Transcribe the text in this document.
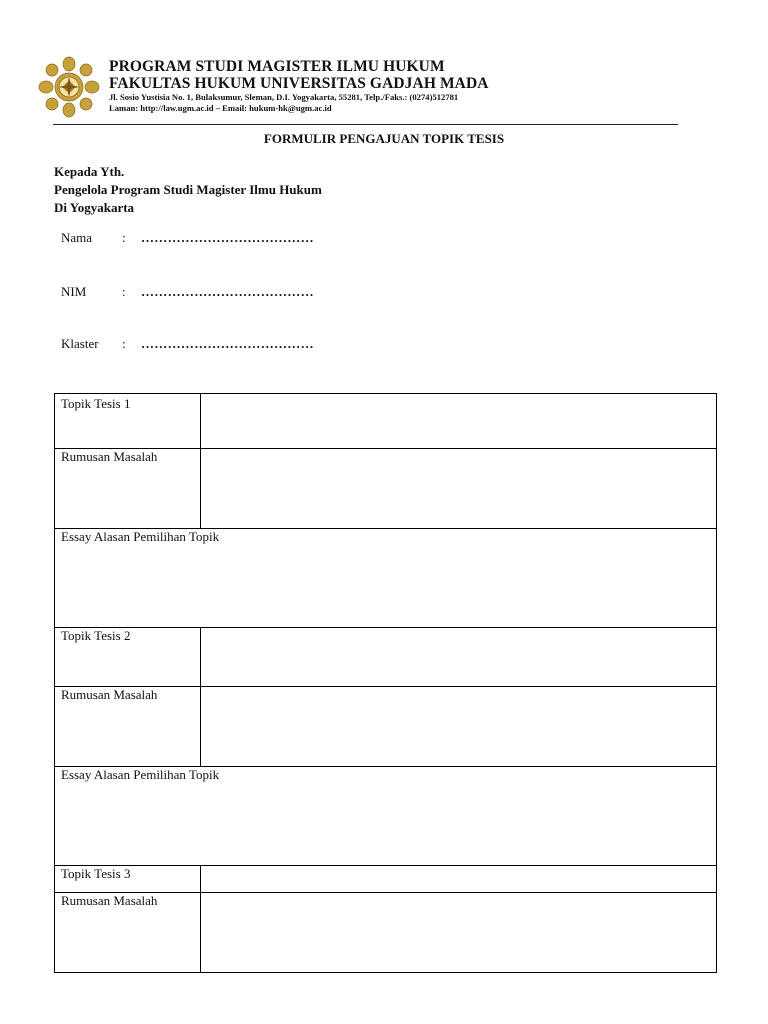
PROGRAM STUDI MAGISTER ILMU HUKUM
FAKULTAS HUKUM UNIVERSITAS GADJAH MADA
Jl. Sosio Yustisia No. 1, Bulaksumur, Sleman, D.I. Yogyakarta, 55281, Telp./Faks.: (0274)512781
Laman: http://law.ugm.ac.id – Email: hukum-hk@ugm.ac.id
FORMULIR PENGAJUAN TOPIK TESIS
Kepada Yth.
Pengelola Program Studi Magister Ilmu Hukum
Di Yogyakarta
Nama : …………………………………
NIM	: …………………………………
Klaster : …………………………………
Topik Tesis 1
Rumusan Masalah
Essay Alasan Pemilihan Topik
Topik Tesis 2
Rumusan Masalah
Essay Alasan Pemilihan Topik
Topik Tesis 3
Rumusan Masalah
